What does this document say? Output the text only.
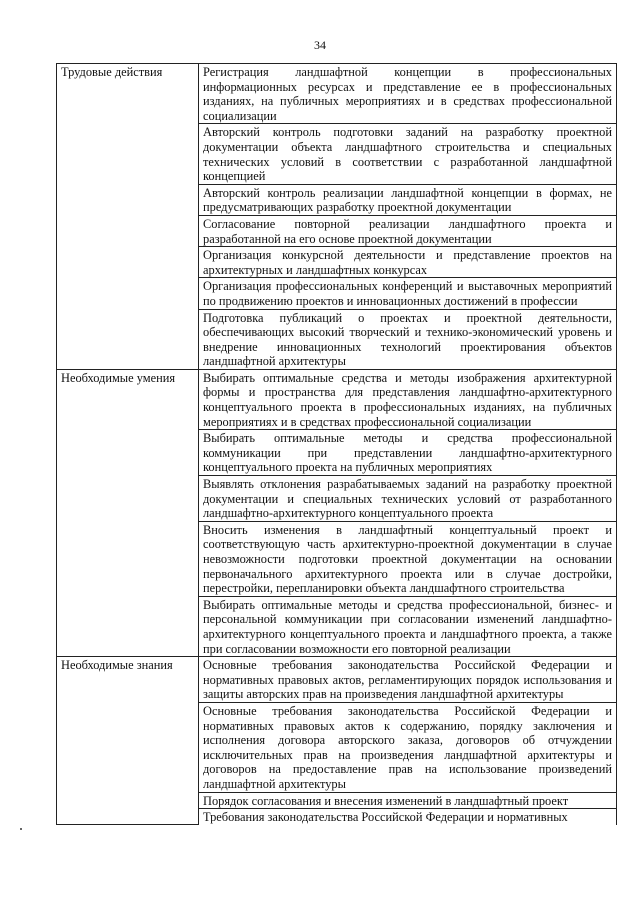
34
Трудовые действия	Регистрация ландшафтной концепции в профессиональных информационных ресурсах и представление ее в профессиональных изданиях, на публичных мероприятиях и в средствах профессиональной социализации
	Авторский контроль подготовки заданий на разработку проектной документации объекта ландшафтного строительства и специальных технических условий в соответствии с разработанной ландшафтной концепцией
	Авторский контроль реализации ландшафтной концепции в формах, не предусматривающих разработку проектной документации
	Согласование повторной реализации ландшафтного проекта и разработанной на его основе проектной документации
	Организация конкурсной деятельности и представление проектов на архитектурных и ландшафтных конкурсах
	Организация профессиональных конференций и выставочных мероприятий по продвижению проектов и инновационных достижений в профессии
	Подготовка публикаций о проектах и проектной деятельности, обеспечивающих высокий творческий и технико-экономический уровень и внедрение инновационных технологий проектирования объектов ландшафтной архитектуры
Необходимые умения	Выбирать оптимальные средства и методы изображения архитектурной формы и пространства для представления ландшафтно-архитектурного концептуального проекта в профессиональных изданиях, на публичных мероприятиях и в средствах профессиональной социализации
	Выбирать оптимальные методы и средства профессиональной коммуникации при представлении ландшафтно-архитектурного концептуального проекта на публичных мероприятиях
	Выявлять отклонения разрабатываемых заданий на разработку проектной документации и специальных технических условий от разработанного ландшафтно-архитектурного концептуального проекта
	Вносить изменения в ландшафтный концептуальный проект и соответствующую часть архитектурно-проектной документации в случае невозможности подготовки проектной документации на основании первоначального архитектурного проекта или в случае достройки, перестройки, перепланировки объекта ландшафтного строительства
	Выбирать оптимальные методы и средства профессиональной, бизнес- и персональной коммуникации при согласовании изменений ландшафтно-архитектурного концептуального проекта и ландшафтного проекта, а также при согласовании возможности его повторной реализации
Необходимые знания	Основные требования законодательства Российской Федерации и нормативных правовых актов, регламентирующих порядок использования и защиты авторских прав на произведения ландшафтной архитектуры
	Основные требования законодательства Российской Федерации и нормативных правовых актов к содержанию, порядку заключения и исполнения договора авторского заказа, договоров об отчуждении исключительных прав на произведения ландшафтной архитектуры и договоров на предоставление прав на использование произведений ландшафтной архитектуры
	Порядок согласования и внесения изменений в ландшафтный проект
	Требования законодательства Российской Федерации и нормативных
